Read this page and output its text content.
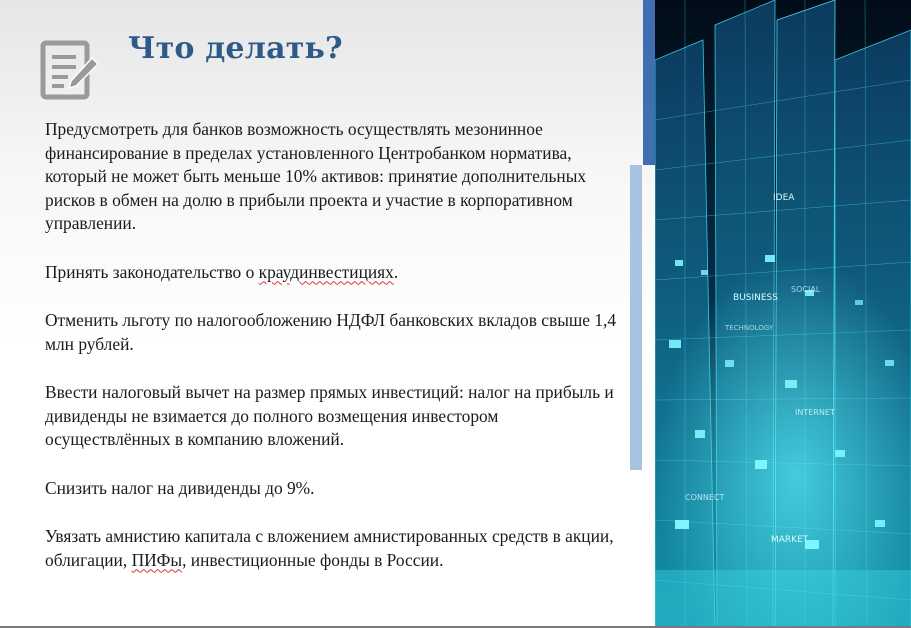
Что делать?

Предусмотреть для банков возможность осуществлять мезонинное финансирование в пределах установленного Центробанком норматива, который не может быть меньше 10% активов: принятие дополнительных рисков в обмен на долю в прибыли проекта и участие в корпоративном управлении.

Принять законодательство о краудинвестициях.

Отменить льготу по налогообложению НДФЛ банковских вкладов свыше 1,4 млн рублей.

Ввести налоговый вычет на размер прямых инвестиций: налог на прибыль и дивиденды не взимается до полного возмещения инвестором осуществлённых в компанию вложений.

Снизить налог на дивиденды до 9%.

Увязать амнистию капитала с вложением амнистированных средств в акции, облигации, ПИФы, инвестиционные фонды в России.

IDEA
BUSINESS
SOCIAL
TECHNOLOGY
INTERNET
CONNECT
MARKET
